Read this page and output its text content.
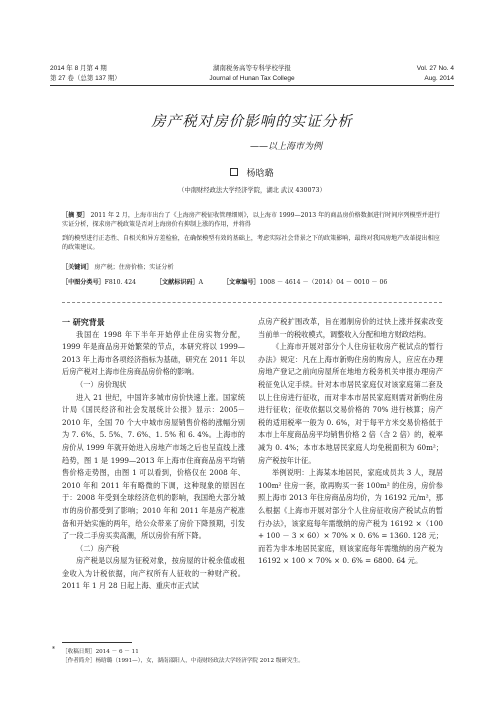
2014 年 8 月第 4 期
第 27 卷（总第 137 期）
湖南税务高等专科学校学报
Journal of Hunan Tax College
Vol. 27 No. 4
Aug. 2014
房产税对房价影响的实证分析
——以上海市为例
杨晗璐
（中南财经政法大学经济学院，湖北 武汉 430073）
［摘 要］ 2011 年 2 月，上海市出台了《上海房产税征收管理细则》，以上海市 1999—2013 年的商品房价格数据进行时间序列模型并进行实证分析，探求房产税政策是否对上海房价有抑制上涨的作用，并将得
到的模型进行正态性、自相关和异方差检验，在确保模型有效的基础上，考虑实际社会背景之下的政策影响，最终对我国房地产改革提出相应的政策建议。
［关键词］ 房产税；住房价格；实证分析
［中图分类号］F810. 424	［文献标识码］A	［文章编号］1008 － 4614 －（2014）04 － 0010 － 06

一 研究背景

我国在 1998 年下半年开始停止住房实物分配，1999 年是商品房开始繁荣的节点，本研究将以 1999—2013 年上海市各项经济指标为基础，研究在 2011 年以后房产税对上海市住房商品房价格的影响。

（一）房价现状

进入 21 世纪，中国许多城市房价快速上涨。国家统计局《国民经济和社会发展统计公报》显示：2005－2010 年，全国 70 个大中城市房屋销售价格的涨幅分别为 7. 6%、5. 5%、7. 6%、1. 5% 和 6. 4%。上海市的房价从 1999 年就开始进入房地产市场之后也呈直线上涨趋势，图 1 是 1999—2013 年上海市住商商品房平均销售价格走势图，由图 1 可以看到，价格仅在 2008 年、2010 年和 2011 年有略微的下调，这种现象的原因在于：2008 年受到全球经济危机的影响，我国绝大部分城市的房价都受到了影响；2010 年和 2011 年是房产税准备和开始实施的两年，给公众带来了房价下降预期，引发了一段二手房买卖高潮，所以房价有所下降。

（二）房产税

房产税是以房屋为征税对象，按房屋的计税余值或租金收入为计税依据，向产权所有人征收的一种财产税。2011 年 1 月 28 日起上海、重庆市正式试

点房产税扩围改革，旨在遏制房价的过快上涨并探索改变当前单一的税收模式，调整收入分配和地方财政结构。

《上海市开展对部分个人住房征收房产税试点的暂行办法》规定：凡在上海市新购住房的购房人，应应在办理房地产登记之前向房屋所在地地方税务机关申报办理房产税征免认定手续。针对本市居民家庭仅对该家庭第二套及以上住房进行征收，而对非本市居民家庭则需对新购住房进行征收；征收依据以交易价格的 70% 进行核算；房产税的适用税率一般为 0. 6%，对于每平方米交易价格低于本市上年度商品房平均销售价格 2 倍（含 2 倍）的，税率减为 0. 4%；本市本地居民家庭人均免税面积为 60m²；房产税按年计征。

举例说明：上海某本地居民，家庭成员共 3 人，现居 100m² 住房一套，欲再购买一套 100m² 的住房，房价参照上海市 2013 年住房商品房均价，为 16192 元/m²，那么根据《上海市开展对部分个人住房征收房产税试点的暂行办法》，该家庭每年需缴纳的房产税为 16192 ×（100 + 100 － 3 × 60）× 70% × 0. 6% = 1360. 128 元；而若为非本地居民家庭，则该家庭每年需缴纳的房产税为 16192 × 100 × 70% × 0. 6% = 6800. 64 元。

* ［收稿日期］2014 － 6 － 11
［作者简介］杨晗璐（1991—），女，湖南邵阳人，中南财经政法大学经济学院 2012 级研究生。
